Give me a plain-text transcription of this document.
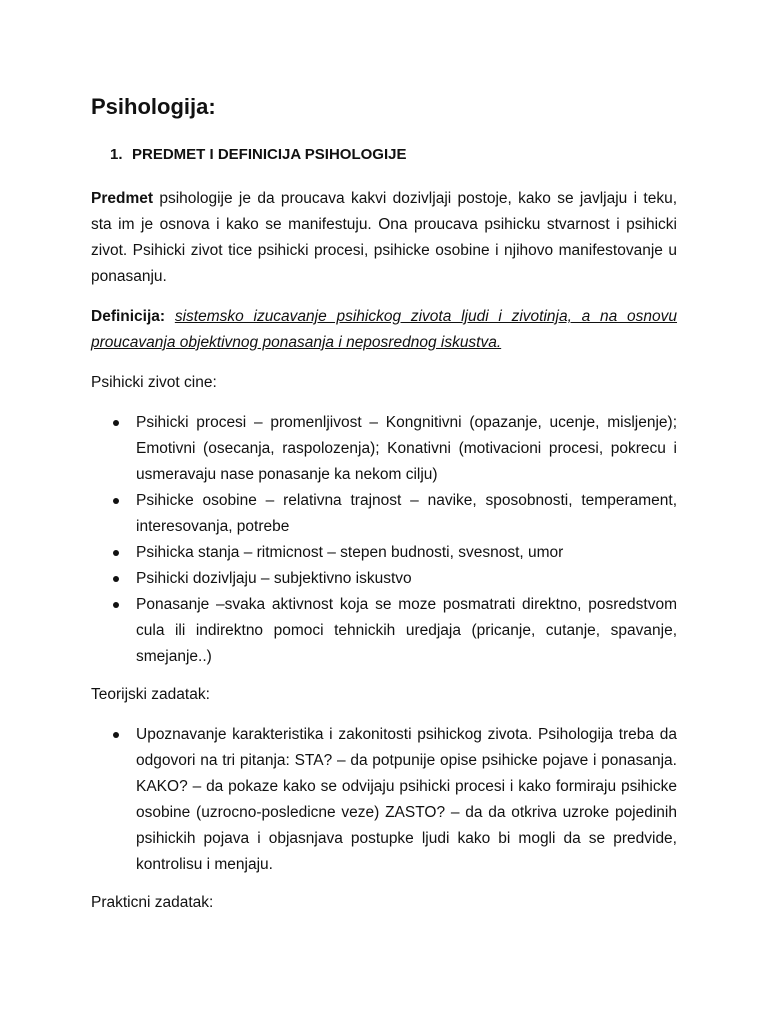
Psihologija:
1. PREDMET I DEFINICIJA PSIHOLOGIJE

Predmet psihologije je da proucava kakvi dozivljaji postoje, kako se javljaju i teku, sta im je osnova i kako se manifestuju. Ona proucava psihicku stvarnost i psihicki zivot. Psihicki zivot tice psihicki procesi, psihicke osobine i njihovo manifestovanje u ponasanju.

Definicija: sistemsko izucavanje psihickog zivota ljudi i zivotinja, a na osnovu proucavanja objektivnog ponasanja i neposrednog iskustva.

Psihicki zivot cine:
Psihicki procesi – promenljivost – Kongnitivni (opazanje, ucenje, misljenje); Emotivni (osecanja, raspolozenja); Konativni (motivacioni procesi, pokrecu i usmeravaju nase ponasanje ka nekom cilju)
Psihicke osobine – relativna trajnost – navike, sposobnosti, temperament, interesovanja, potrebe
Psihicka stanja – ritmicnost – stepen budnosti, svesnost, umor
Psihicki dozivljaju – subjektivno iskustvo
Ponasanje –svaka aktivnost koja se moze posmatrati direktno, posredstvom cula ili indirektno pomoci tehnickih uredjaja (pricanje, cutanje, spavanje, smejanje..)
Teorijski zadatak:
Upoznavanje karakteristika i zakonitosti psihickog zivota. Psihologija treba da odgovori na tri pitanja: STA? – da potpunije opise psihicke pojave i ponasanja. KAKO? – da pokaze kako se odvijaju psihicki procesi i kako formiraju psihicke osobine (uzrocno-posledicne veze) ZASTO? – da da otkriva uzroke pojedinih psihickih pojava i objasnjava postupke ljudi kako bi mogli da se predvide, kontrolisu i menjaju.
Prakticni zadatak:
